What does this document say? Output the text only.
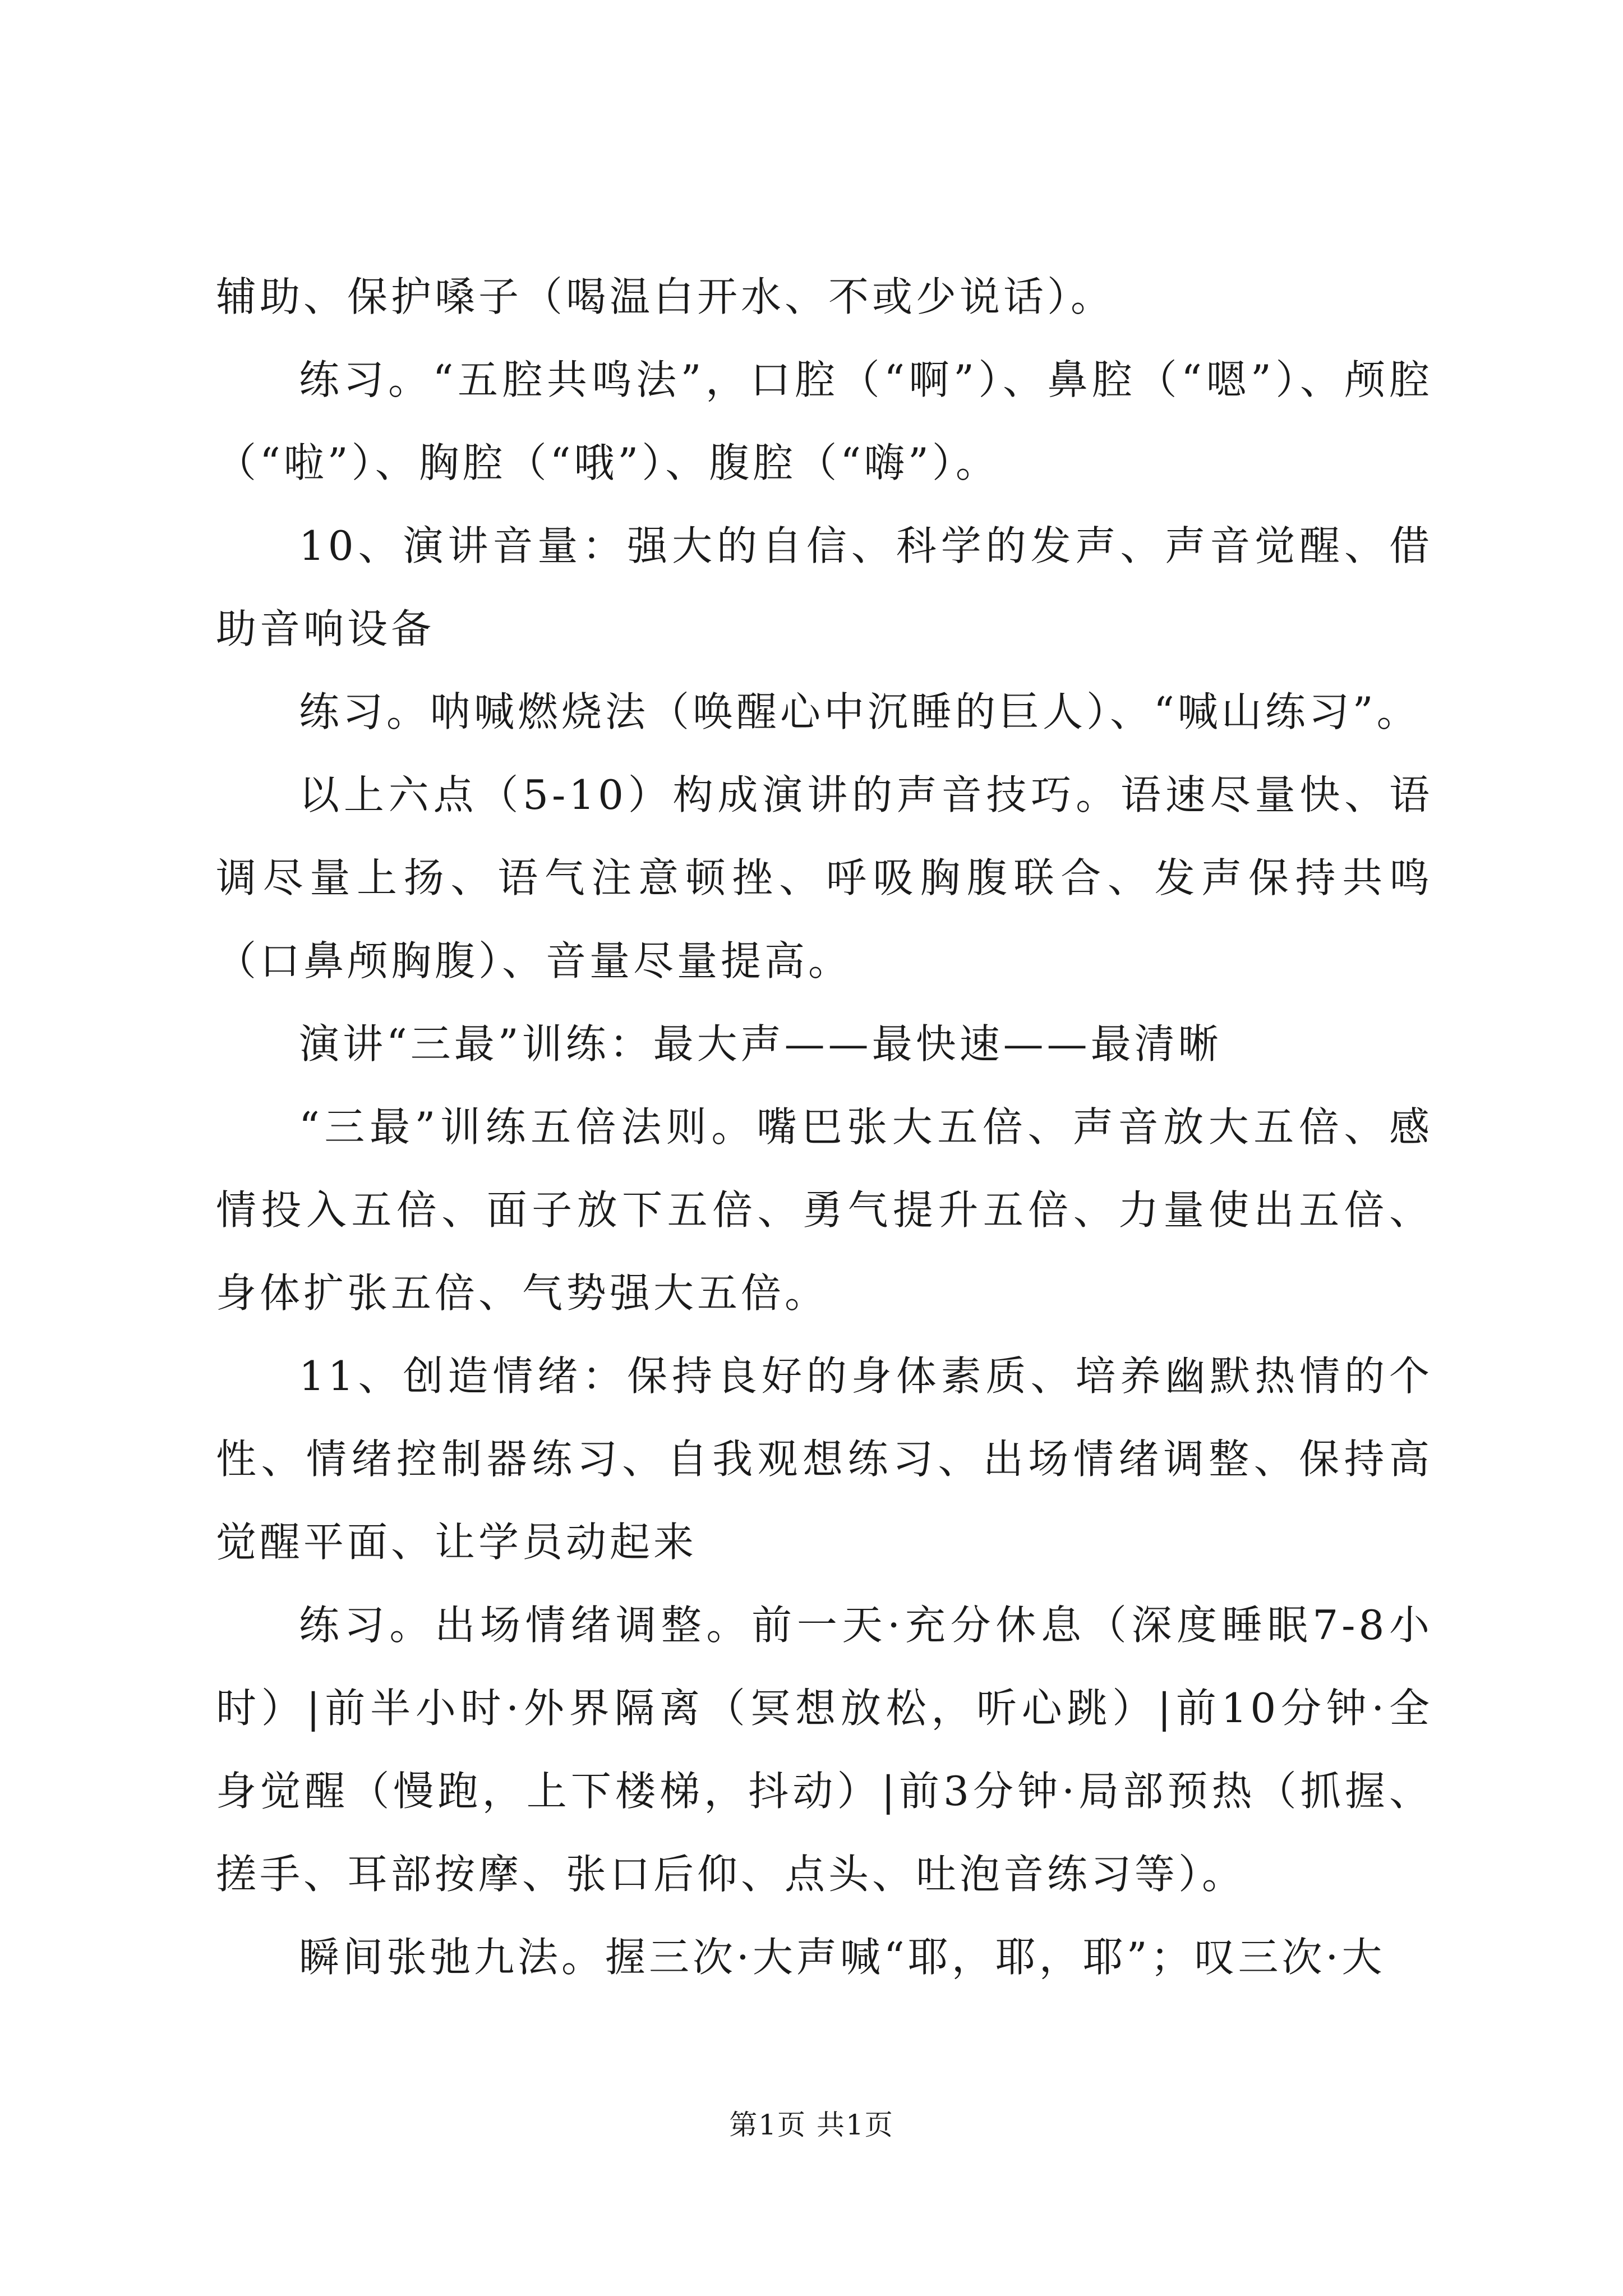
辅助、保护嗓子（喝温白开水、不或少说话）。

练习。“五腔共鸣法”，口腔（“啊”）、鼻腔（“嗯”）、颅腔（“啦”）、胸腔（“哦”）、腹腔（“嗨”）。

10、演讲音量：强大的自信、科学的发声、声音觉醒、借助音响设备

练习。呐喊燃烧法（唤醒心中沉睡的巨人）、“喊山练习”。

以上六点（5-10）构成演讲的声音技巧。语速尽量快、语调尽量上扬、语气注意顿挫、呼吸胸腹联合、发声保持共鸣（口鼻颅胸腹）、音量尽量提高。

演讲“三最”训练：最大声——最快速——最清晰

“三最”训练五倍法则。嘴巴张大五倍、声音放大五倍、感情投入五倍、面子放下五倍、勇气提升五倍、力量使出五倍、身体扩张五倍、气势强大五倍。

11、创造情绪：保持良好的身体素质、培养幽默热情的个性、情绪控制器练习、自我观想练习、出场情绪调整、保持高觉醒平面、让学员动起来

练习。出场情绪调整。前一天·充分休息（深度睡眠7-8小时）|前半小时·外界隔离（冥想放松，听心跳）|前10分钟·全身觉醒（慢跑，上下楼梯，抖动）|前3分钟·局部预热（抓握、搓手、耳部按摩、张口后仰、点头、吐泡音练习等）。

瞬间张弛九法。握三次·大声喊“耶，耶，耶”；叹三次·大

第1页 共1页
